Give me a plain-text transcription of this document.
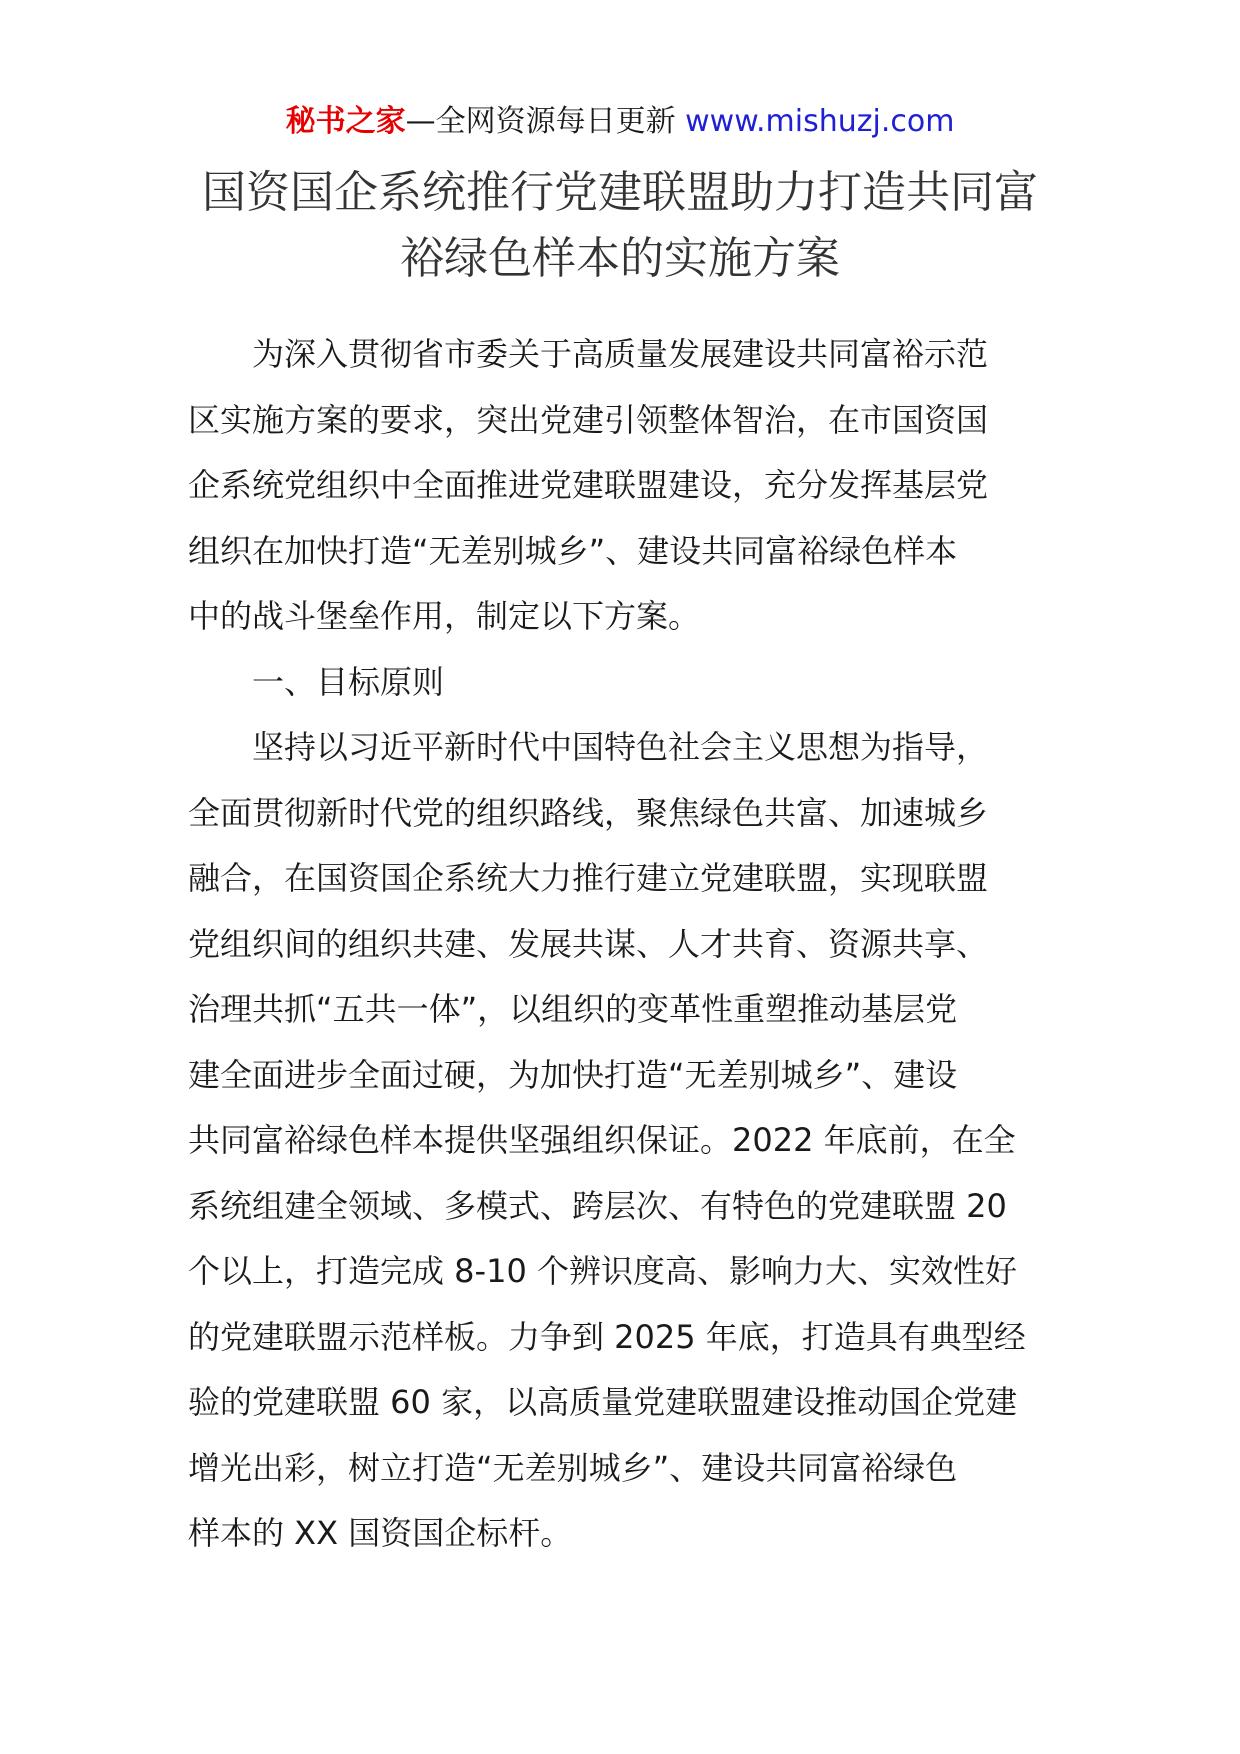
秘书之家—全网资源每日更新 www.mishuzj.com
国资国企系统推行党建联盟助力打造共同富
裕绿色样本的实施方案
为深入贯彻省市委关于高质量发展建设共同富裕示范
区实施方案的要求，突出党建引领整体智治，在市国资国
企系统党组织中全面推进党建联盟建设，充分发挥基层党
组织在加快打造“无差别城乡”、建设共同富裕绿色样本
中的战斗堡垒作用，制定以下方案。
一、目标原则
坚持以习近平新时代中国特色社会主义思想为指导，
全面贯彻新时代党的组织路线，聚焦绿色共富、加速城乡
融合，在国资国企系统大力推行建立党建联盟，实现联盟
党组织间的组织共建、发展共谋、人才共育、资源共享、
治理共抓“五共一体”，以组织的变革性重塑推动基层党
建全面进步全面过硬，为加快打造“无差别城乡”、建设
共同富裕绿色样本提供坚强组织保证。2022 年底前，在全
系统组建全领域、多模式、跨层次、有特色的党建联盟 20
个以上，打造完成 8-10 个辨识度高、影响力大、实效性好
的党建联盟示范样板。力争到 2025 年底，打造具有典型经
验的党建联盟 60 家，以高质量党建联盟建设推动国企党建
增光出彩，树立打造“无差别城乡”、建设共同富裕绿色
样本的 XX 国资国企标杆。
